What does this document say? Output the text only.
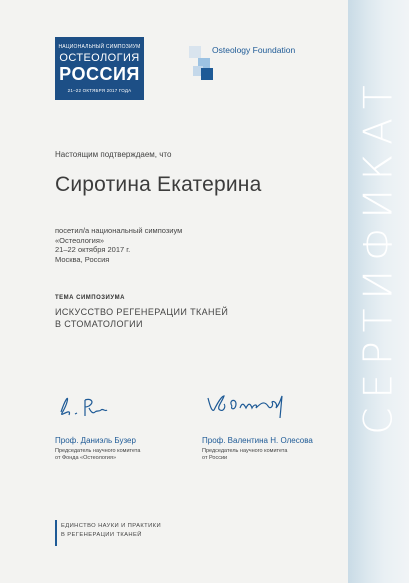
СЕРТИФИКАТ
НАЦИОНАЛЬНЫЙ СИМПОЗИУМ
ОСТЕОЛОГИЯ
РОССИЯ
21–22 ОКТЯБРЯ 2017 ГОДА
Osteology Foundation
Настоящим подтверждаем, что
Сиротина Екатерина
посетил/а национальный симпозиум
«Остеология»
21–22 октября 2017 г.
Москва, Россия
ТЕМА СИМПОЗИУМА
ИСКУССТВО РЕГЕНЕРАЦИИ ТКАНЕЙ
В СТОМАТОЛОГИИ
Проф. Даниэль Бузер
Председатель научного комитета
от Фонда «Остеология»
Проф. Валентина Н. Олесова
Председатель научного комитета
от России
ЕДИНСТВО НАУКИ И ПРАКТИКИ
В РЕГЕНЕРАЦИИ ТКАНЕЙ
